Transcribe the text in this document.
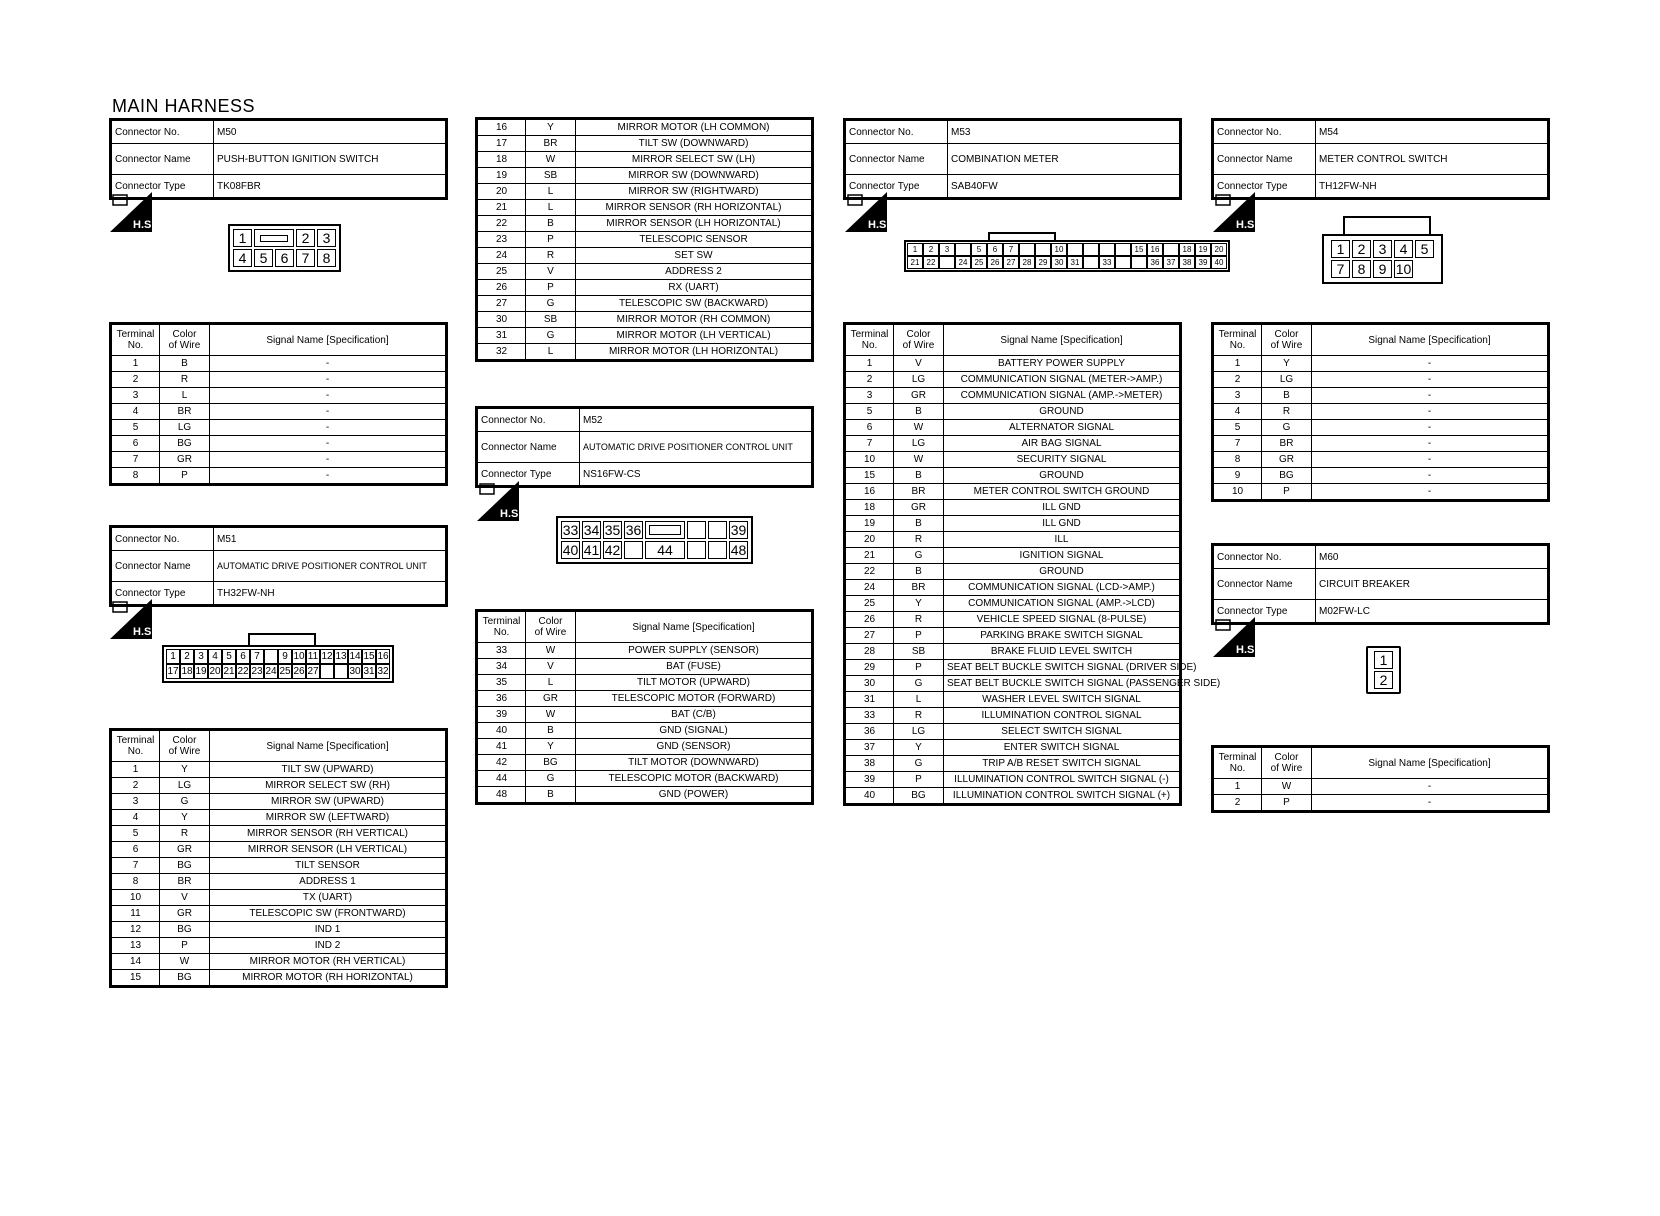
MAIN HARNESS
Connector No.	M50
Connector Name	PUSH-BUTTON IGNITION SWITCH
Connector Type	TK08FBR
H.S.
1	2 3
4 5 6 7 8
Terminal
No.	Color
of Wire	Signal Name [Specification]
1	B	-
2	R	-
3	L	-
4	BR	-
5	LG	-
6	BG	-
7	GR	-
8	P	-
Connector No.	M51
Connector Name	AUTOMATIC DRIVE POSITIONER CONTROL UNIT
Connector Type	TH32FW-NH
H.S.
1 2 3 4 5 6 7	9 10 11 12 13 14 15 16
17 18 19 20 21 22 23 24 25 26 27	30 31 32
Terminal
No.	Color
of Wire	Signal Name [Specification]
1	Y	TILT SW (UPWARD)
2	LG	MIRROR SELECT SW (RH)
3	G	MIRROR SW (UPWARD)
4	Y	MIRROR SW (LEFTWARD)
5	R	MIRROR SENSOR (RH VERTICAL)
6	GR	MIRROR SENSOR (LH VERTICAL)
7	BG	TILT SENSOR
8	BR	ADDRESS 1
10	V	TX (UART)
11	GR	TELESCOPIC SW (FRONTWARD)
12	BG	IND 1
13	P	IND 2
14	W	MIRROR MOTOR (RH VERTICAL)
15	BG	MIRROR MOTOR (RH HORIZONTAL)
16	Y	MIRROR MOTOR (LH COMMON)
17	BR	TILT SW (DOWNWARD)
18	W	MIRROR SELECT SW (LH)
19	SB	MIRROR SW (DOWNWARD)
20	L	MIRROR SW (RIGHTWARD)
21	L	MIRROR SENSOR (RH HORIZONTAL)
22	B	MIRROR SENSOR (LH HORIZONTAL)
23	P	TELESCOPIC SENSOR
24	R	SET SW
25	V	ADDRESS 2
26	P	RX (UART)
27	G	TELESCOPIC SW (BACKWARD)
30	SB	MIRROR MOTOR (RH COMMON)
31	G	MIRROR MOTOR (LH VERTICAL)
32	L	MIRROR MOTOR (LH HORIZONTAL)
Connector No.	M52
Connector Name	AUTOMATIC DRIVE POSITIONER CONTROL UNIT
Connector Type	NS16FW-CS
H.S.
33 34 35 36	39
40 41 42	44	48
Terminal
No.	Color
of Wire	Signal Name [Specification]
33	W	POWER SUPPLY (SENSOR)
34	V	BAT (FUSE)
35	L	TILT MOTOR (UPWARD)
36	GR	TELESCOPIC MOTOR (FORWARD)
39	W	BAT (C/B)
40	B	GND (SIGNAL)
41	Y	GND (SENSOR)
42	BG	TILT MOTOR (DOWNWARD)
44	G	TELESCOPIC MOTOR (BACKWARD)
48	B	GND (POWER)
Connector No.	M53
Connector Name	COMBINATION METER
Connector Type	SAB40FW
H.S.
1	2	3	5	6	7	10	15 16	18 19 20
21 22	24 25 26 27 28 29 30 31	33	36 37 38 39 40
Terminal
No.	Color
of Wire	Signal Name [Specification]
1	V	BATTERY POWER SUPPLY
2	LG	COMMUNICATION SIGNAL (METER->AMP.)
3	GR	COMMUNICATION SIGNAL (AMP.->METER)
5	B	GROUND
6	W	ALTERNATOR SIGNAL
7	LG	AIR BAG SIGNAL
10	W	SECURITY SIGNAL
15	B	GROUND
16	BR	METER CONTROL SWITCH GROUND
18	GR	ILL GND
19	B	ILL GND
20	R	ILL
21	G	IGNITION SIGNAL
22	B	GROUND
24	BR	COMMUNICATION SIGNAL (LCD->AMP.)
25	Y	COMMUNICATION SIGNAL (AMP.->LCD)
26	R	VEHICLE SPEED SIGNAL (8-PULSE)
27	P	PARKING BRAKE SWITCH SIGNAL
28	SB	BRAKE FLUID LEVEL SWITCH
29	P	SEAT BELT BUCKLE SWITCH SIGNAL (DRIVER SIDE)
30	G	SEAT BELT BUCKLE SWITCH SIGNAL (PASSENGER SIDE)
31	L	WASHER LEVEL SWITCH SIGNAL
33	R	ILLUMINATION CONTROL SIGNAL
36	LG	SELECT SWITCH SIGNAL
37	Y	ENTER SWITCH SIGNAL
38	G	TRIP A/B RESET SWITCH SIGNAL
39	P	ILLUMINATION CONTROL SWITCH SIGNAL (-)
40	BG	ILLUMINATION CONTROL SWITCH SIGNAL (+)
Connector No.	M54
Connector Name	METER CONTROL SWITCH
Connector Type	TH12FW-NH
H.S.
1 2 3 4 5
7 8 9 10
Terminal
No.	Color
of Wire	Signal Name [Specification]
1	Y	-
2	LG	-
3	B	-
4	R	-
5	G	-
7	BR	-
8	GR	-
9	BG	-
10	P	-
Connector No.	M60
Connector Name	CIRCUIT BREAKER
Connector Type	M02FW-LC
H.S.
1
2
Terminal
No.	Color
of Wire	Signal Name [Specification]
1	W	-
2	P	-
